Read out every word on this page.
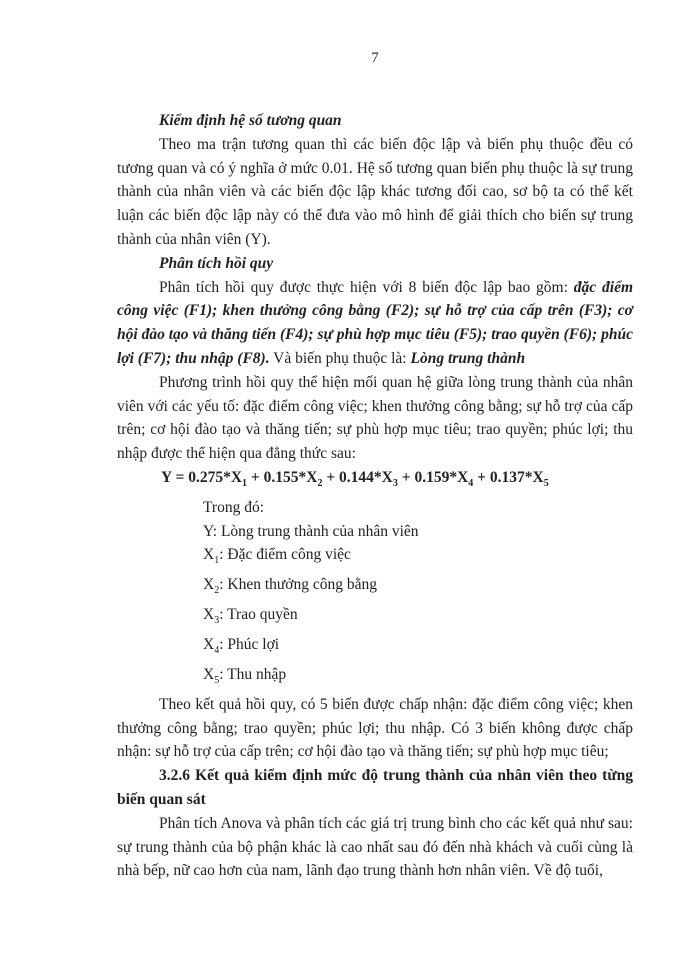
7

Kiểm định hệ số tương quan

Theo ma trận tương quan thì các biến độc lập và biến phụ thuộc đều có tương quan và có ý nghĩa ở mức 0.01. Hệ số tương quan biến phụ thuộc là sự trung thành của nhân viên và các biến độc lập khác tương đối cao, sơ bộ ta có thể kết luận các biến độc lập này có thể đưa vào mô hình để giải thích cho biến sự trung thành của nhân viên (Y).

Phân tích hồi quy

Phân tích hồi quy được thực hiện với 8 biến độc lập bao gồm: đặc điểm công việc (F1); khen thưởng công bằng (F2); sự hỗ trợ của cấp trên (F3); cơ hội đào tạo và thăng tiến (F4); sự phù hợp mục tiêu (F5); trao quyền (F6); phúc lợi (F7); thu nhập (F8). Và biến phụ thuộc là: Lòng trung thành

Phương trình hồi quy thể hiện mối quan hệ giữa lòng trung thành của nhân viên với các yếu tố: đặc điểm công việc; khen thưởng công bằng; sự hỗ trợ của cấp trên; cơ hội đào tạo và thăng tiến; sự phù hợp mục tiêu; trao quyền; phúc lợi; thu nhập được thể hiện qua đẳng thức sau:

$Y = 0.275*X_1 + 0.155*X_2 + 0.144*X_3 + 0.159*X_4 + 0.137*X_5$

Trong đó:

Y: Lòng trung thành của nhân viên

$X_1$: Đặc điểm công việc

$X_2$: Khen thưởng công bằng

$X_3$: Trao quyền

$X_4$: Phúc lợi

$X_5$: Thu nhập

Theo kết quả hồi quy, có 5 biến được chấp nhận: đặc điểm công việc; khen thưởng công bằng; trao quyền; phúc lợi; thu nhập. Có 3 biến không được chấp nhận: sự hỗ trợ của cấp trên; cơ hội đào tạo và thăng tiến; sự phù hợp mục tiêu;

3.2.6 Kết quả kiểm định mức độ trung thành của nhân viên theo từng biến quan sát

Phân tích Anova và phân tích các giá trị trung bình cho các kết quả như sau: sự trung thành của bộ phận khác là cao nhất sau đó đến nhà khách và cuối cùng là nhà bếp, nữ cao hơn của nam, lãnh đạo trung thành hơn nhân viên. Về độ tuổi,
